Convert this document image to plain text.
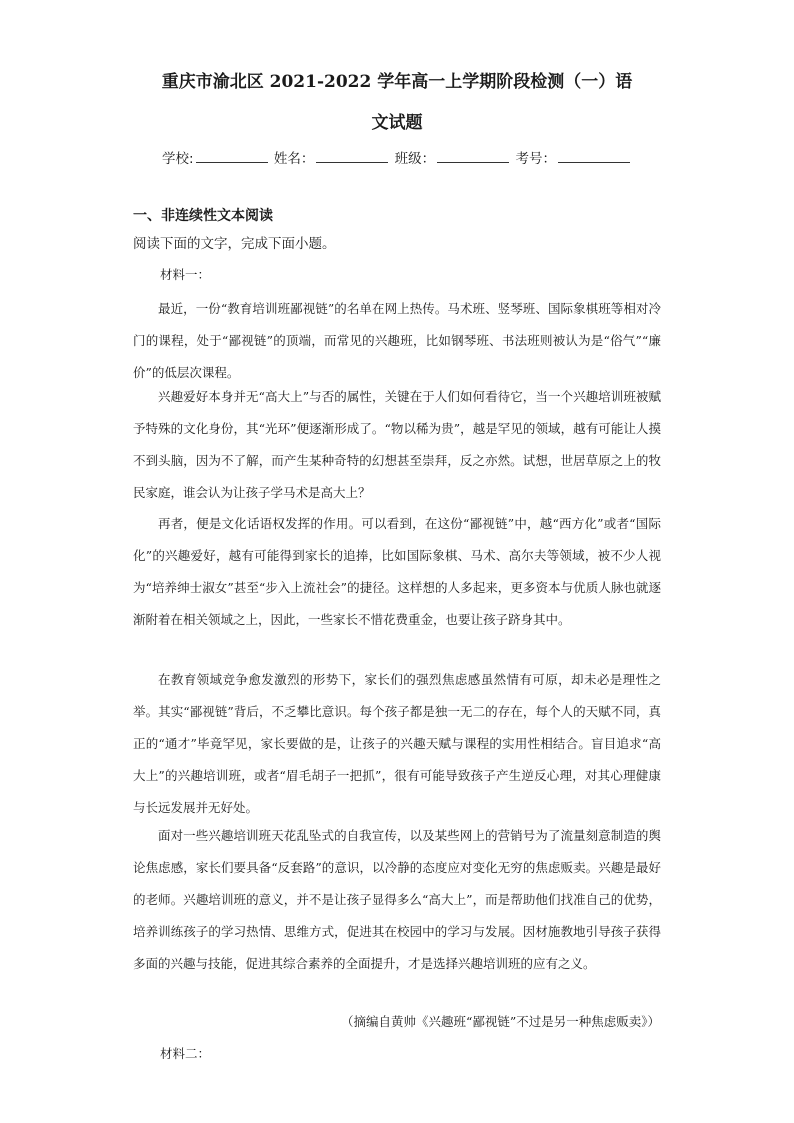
重庆市渝北区 2021-2022 学年高一上学期阶段检测（一）语
文试题
学校:	姓名：	班级：	考号：
一、非连续性文本阅读

阅读下面的文字，完成下面小题。

材料一：

最近，一份“教育培训班鄙视链”的名单在网上热传。马术班、竖琴班、国际象棋班等相对冷门的课程，处于“鄙视链”的顶端，而常见的兴趣班，比如钢琴班、书法班则被认为是“俗气”“廉价”的低层次课程。

兴趣爱好本身并无“高大上”与否的属性，关键在于人们如何看待它，当一个兴趣培训班被赋予特殊的文化身份，其“光环”便逐渐形成了。“物以稀为贵”，越是罕见的领域，越有可能让人摸不到头脑，因为不了解，而产生某种奇特的幻想甚至崇拜，反之亦然。试想，世居草原之上的牧民家庭，谁会认为让孩子学马术是高大上？

再者，便是文化话语权发挥的作用。可以看到，在这份“鄙视链”中，越“西方化”或者“国际化”的兴趣爱好，越有可能得到家长的追捧，比如国际象棋、马术、高尔夫等领域，被不少人视为“培养绅士淑女”甚至“步入上流社会”的捷径。这样想的人多起来，更多资本与优质人脉也就逐渐附着在相关领域之上，因此，一些家长不惜花费重金，也要让孩子跻身其中。

在教育领域竞争愈发激烈的形势下，家长们的强烈焦虑感虽然情有可原，却未必是理性之举。其实“鄙视链”背后，不乏攀比意识。每个孩子都是独一无二的存在，每个人的天赋不同，真正的“通才”毕竟罕见，家长要做的是，让孩子的兴趣天赋与课程的实用性相结合。盲目追求“高大上”的兴趣培训班，或者“眉毛胡子一把抓”，很有可能导致孩子产生逆反心理，对其心理健康与长远发展并无好处。

面对一些兴趣培训班天花乱坠式的自我宣传，以及某些网上的营销号为了流量刻意制造的舆论焦虑感，家长们要具备“反套路”的意识，以冷静的态度应对变化无穷的焦虑贩卖。兴趣是最好的老师。兴趣培训班的意义，并不是让孩子显得多么“高大上”，而是帮助他们找准自己的优势，培养训练孩子的学习热情、思维方式，促进其在校园中的学习与发展。因材施教地引导孩子获得多面的兴趣与技能，促进其综合素养的全面提升，才是选择兴趣培训班的应有之义。

（摘编自黄帅《兴趣班“鄙视链”不过是另一种焦虑贩卖》）

材料二：
